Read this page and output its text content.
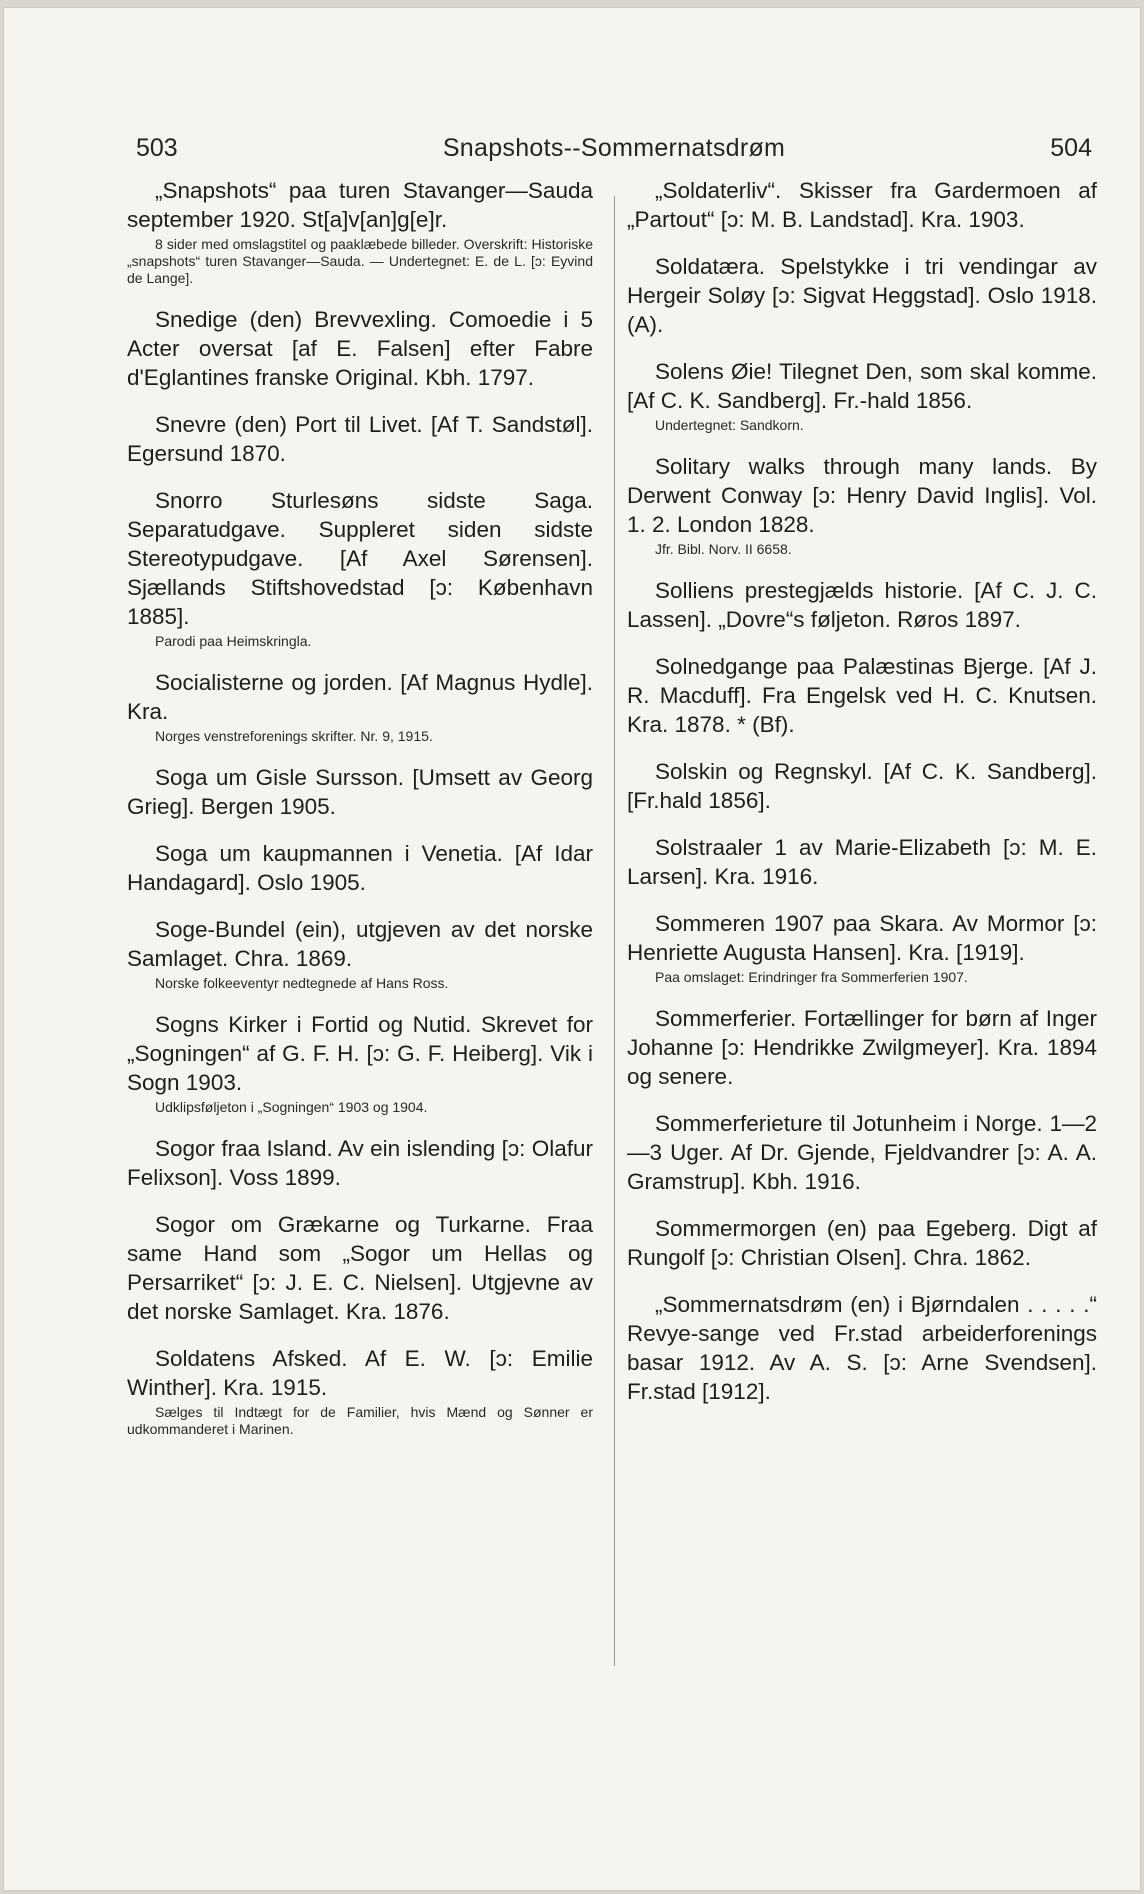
503	Snapshots--Sommernatsdrøm	504

„Snapshots“ paa turen Stavanger—Sauda september 1920. St[a]v[an]g[e]r.

8 sider med omslagstitel og paaklæbede billeder. Overskrift: Historiske „snapshots“ turen Stavanger—Sauda. — Undertegnet: E. de L. [ɔ: Eyvind de Lange].

Snedige (den) Brevvexling. Comoedie i 5 Acter oversat [af E. Falsen] efter Fabre d'Eglantines franske Original. Kbh. 1797.

Snevre (den) Port til Livet. [Af T. Sandstøl]. Egersund 1870.

Snorro Sturlesøns sidste Saga. Separatudgave. Suppleret siden sidste Stereotypudgave. [Af Axel Sørensen]. Sjællands Stiftshovedstad [ɔ: København 1885].

Parodi paa Heimskringla.

Socialisterne og jorden. [Af Magnus Hydle]. Kra.

Norges venstreforenings skrifter. Nr. 9, 1915.

Soga um Gisle Sursson. [Umsett av Georg Grieg]. Bergen 1905.

Soga um kaupmannen i Venetia. [Af Idar Handagard]. Oslo 1905.

Soge-Bundel (ein), utgjeven av det norske Samlaget. Chra. 1869.

Norske folkeeventyr nedtegnede af Hans Ross.

Sogns Kirker i Fortid og Nutid. Skrevet for „Sogningen“ af G. F. H. [ɔ: G. F. Heiberg]. Vik i Sogn 1903.

Udklipsføljeton i „Sogningen“ 1903 og 1904.

Sogor fraa Island. Av ein islending [ɔ: Olafur Felixson]. Voss 1899.

Sogor om Grækarne og Turkarne. Fraa same Hand som „Sogor um Hellas og Persarriket“ [ɔ: J. E. C. Nielsen]. Utgjevne av det norske Samlaget. Kra. 1876.

Soldatens Afsked. Af E. W. [ɔ: Emilie Winther]. Kra. 1915.

Sælges til Indtægt for de Familier, hvis Mænd og Sønner er udkommanderet i Marinen.

„Soldaterliv“. Skisser fra Gardermoen af „Partout“ [ɔ: M. B. Landstad]. Kra. 1903.

Soldatæra. Spelstykke i tri vendingar av Hergeir Soløy [ɔ: Sigvat Heggstad]. Oslo 1918. (A).

Solens Øie! Tilegnet Den, som skal komme. [Af C. K. Sandberg]. Fr.-hald 1856.

Undertegnet: Sandkorn.

Solitary walks through many lands. By Derwent Conway [ɔ: Henry David Inglis]. Vol. 1. 2. London 1828.

Jfr. Bibl. Norv. II 6658.

Solliens prestegjælds historie. [Af C. J. C. Lassen]. „Dovre“s føljeton. Røros 1897.

Solnedgange paa Palæstinas Bjerge. [Af J. R. Macduff]. Fra Engelsk ved H. C. Knutsen. Kra. 1878. * (Bf).

Solskin og Regnskyl. [Af C. K. Sandberg]. [Fr.hald 1856].

Solstraaler 1 av Marie-Elizabeth [ɔ: M. E. Larsen]. Kra. 1916.

Sommeren 1907 paa Skara. Av Mormor [ɔ: Henriette Augusta Hansen]. Kra. [1919].

Paa omslaget: Erindringer fra Sommerferien 1907.

Sommerferier. Fortællinger for børn af Inger Johanne [ɔ: Hendrikke Zwilgmeyer]. Kra. 1894 og senere.

Sommerferieture til Jotunheim i Norge. 1—2—3 Uger. Af Dr. Gjende, Fjeldvandrer [ɔ: A. A. Gramstrup]. Kbh. 1916.

Sommermorgen (en) paa Egeberg. Digt af Rungolf [ɔ: Christian Olsen]. Chra. 1862.

„Sommernatsdrøm (en) i Bjørndalen . . . . .“ Revye-sange ved Fr.stad arbeiderforenings basar 1912. Av A. S. [ɔ: Arne Svendsen]. Fr.stad [1912].
